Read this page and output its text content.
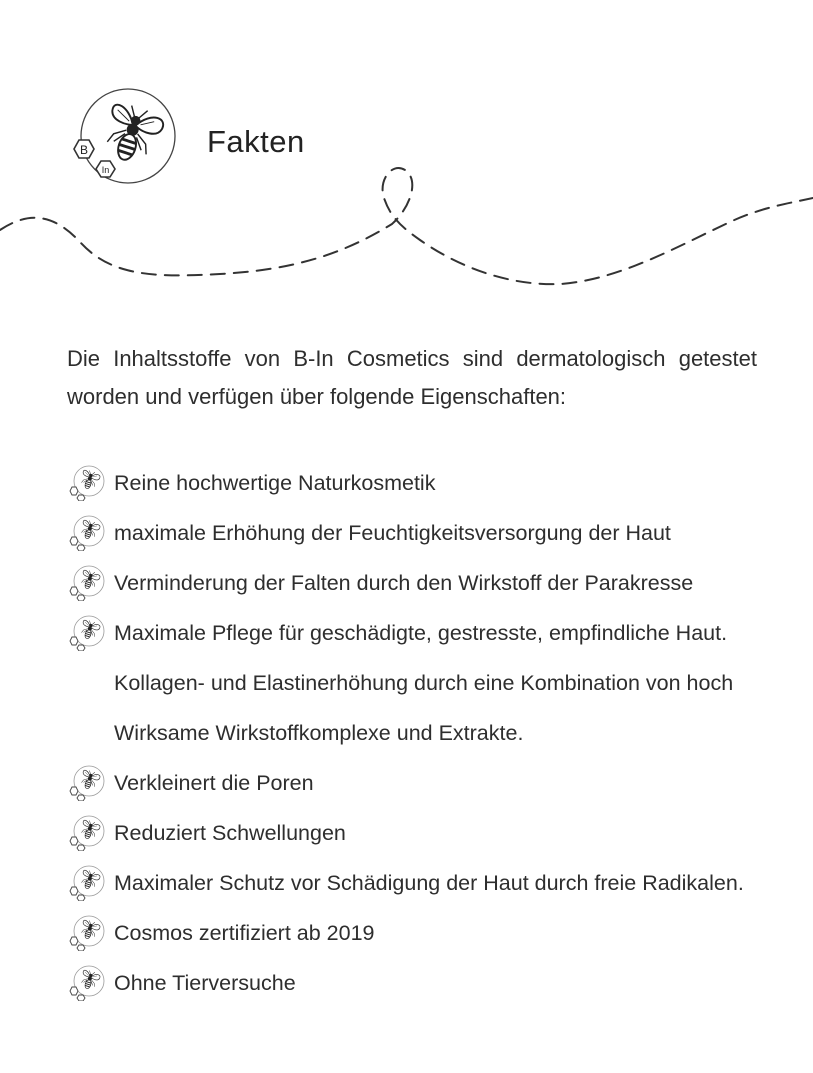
B
In
Fakten

Die Inhaltsstoffe von B-In Cosmetics sind dermatologisch getestet worden und verfügen über folgende Eigenschaften:

Reine hochwertige Naturkosmetik
maximale Erhöhung der Feuchtigkeitsversorgung der Haut
Verminderung der Falten durch den Wirkstoff der Parakresse
Maximale Pflege für geschädigte, gestresste, empfindliche Haut.
Kollagen- und Elastinerhöhung durch eine Kombination von hoch
Wirksame Wirkstoffkomplexe und Extrakte.
Verkleinert die Poren
Reduziert Schwellungen
Maximaler Schutz vor Schädigung der Haut durch freie Radikalen.
Cosmos zertifiziert ab 2019
Ohne Tierversuche
